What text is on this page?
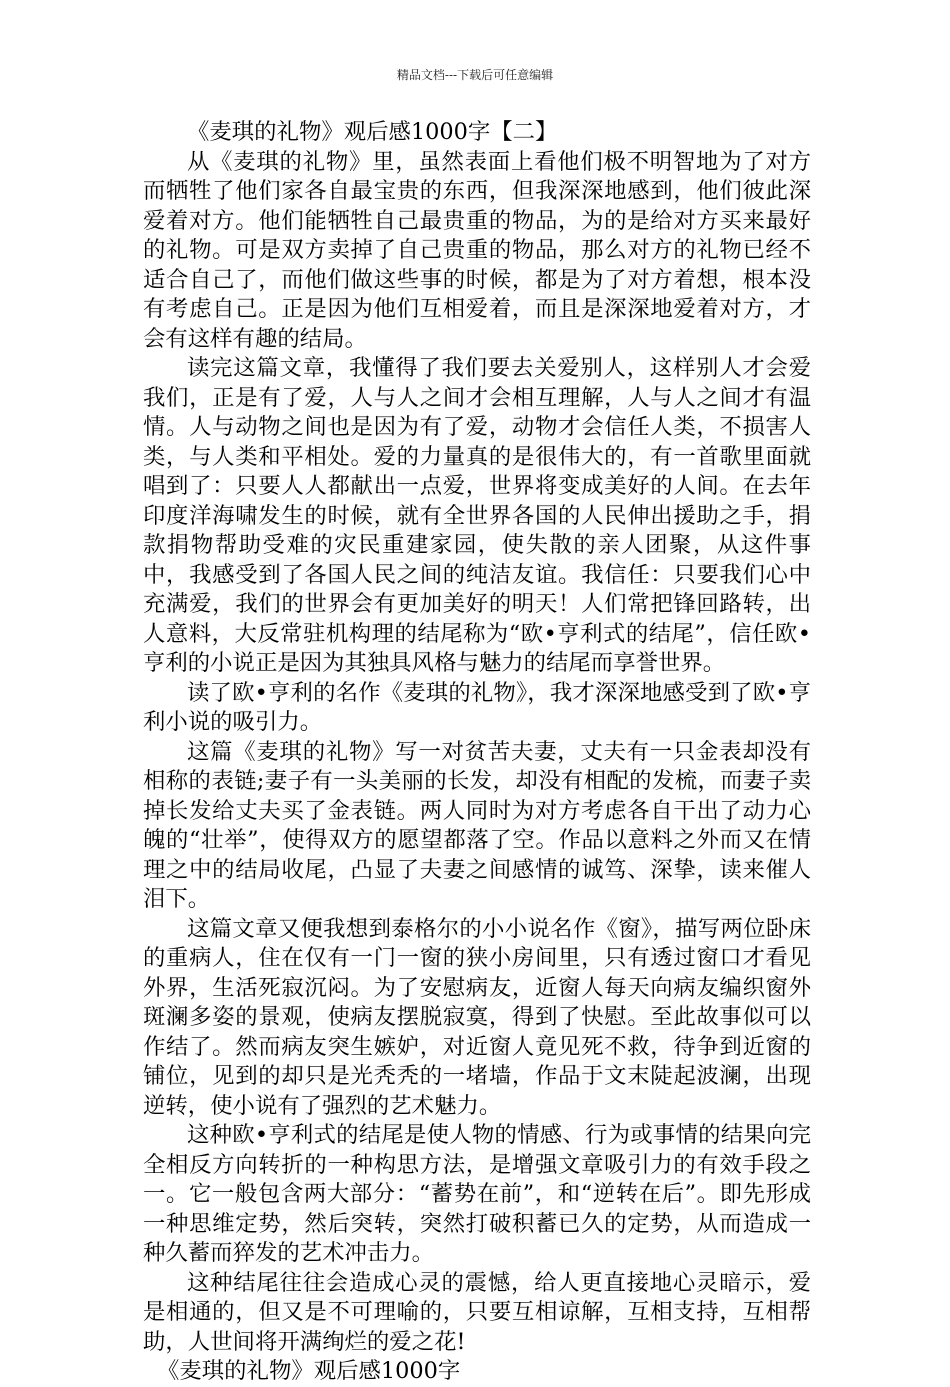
精品文档---下载后可任意编辑
《麦琪的礼物》观后感1000字【二】

从《麦琪的礼物》里，虽然表面上看他们极不明智地为了对方而牺牲了他们家各自最宝贵的东西，但我深深地感到，他们彼此深爱着对方。他们能牺牲自己最贵重的物品，为的是给对方买来最好的礼物。可是双方卖掉了自己贵重的物品，那么对方的礼物已经不适合自己了，而他们做这些事的时候，都是为了对方着想，根本没有考虑自己。正是因为他们互相爱着，而且是深深地爱着对方，才会有这样有趣的结局。

读完这篇文章，我懂得了我们要去关爱别人，这样别人才会爱我们，正是有了爱，人与人之间才会相互理解，人与人之间才有温情。人与动物之间也是因为有了爱，动物才会信任人类，不损害人类，与人类和平相处。爱的力量真的是很伟大的，有一首歌里面就唱到了：只要人人都献出一点爱，世界将变成美好的人间。在去年印度洋海啸发生的时候，就有全世界各国的人民伸出援助之手，捐款捐物帮助受难的灾民重建家园，使失散的亲人团聚，从这件事中，我感受到了各国人民之间的纯洁友谊。我信任：只要我们心中充满爱，我们的世界会有更加美好的明天！人们常把锋回路转，出人意料，大反常驻机构理的结尾称为“欧•亨利式的结尾”，信任欧•亨利的小说正是因为其独具风格与魅力的结尾而享誉世界。

读了欧•亨利的名作《麦琪的礼物》，我才深深地感受到了欧•亨利小说的吸引力。

这篇《麦琪的礼物》写一对贫苦夫妻，丈夫有一只金表却没有相称的表链;妻子有一头美丽的长发，却没有相配的发梳，而妻子卖掉长发给丈夫买了金表链。两人同时为对方考虑各自干出了动力心魄的“壮举”，使得双方的愿望都落了空。作品以意料之外而又在情理之中的结局收尾，凸显了夫妻之间感情的诚笃、深挚，读来催人泪下。

这篇文章又便我想到泰格尔的小小说名作《窗》，描写两位卧床的重病人，住在仅有一门一窗的狭小房间里，只有透过窗口才看见外界，生活死寂沉闷。为了安慰病友，近窗人每天向病友编织窗外斑澜多姿的景观，使病友摆脱寂寞，得到了快慰。至此故事似可以作结了。然而病友突生嫉妒，对近窗人竟见死不救，待争到近窗的铺位，见到的却只是光秃秃的一堵墙，作品于文末陡起波澜，出现逆转，使小说有了强烈的艺术魅力。

这种欧•亨利式的结尾是使人物的情感、行为或事情的结果向完全相反方向转折的一种构思方法，是增强文章吸引力的有效手段之一。它一般包含两大部分：“蓄势在前”，和“逆转在后”。即先形成一种思维定势，然后突转，突然打破积蓄已久的定势，从而造成一种久蓄而猝发的艺术冲击力。

这种结尾往往会造成心灵的震憾，给人更直接地心灵暗示，爱是相通的，但又是不可理喻的，只要互相谅解，互相支持，互相帮助，人世间将开满绚烂的爱之花!

《麦琪的礼物》观后感1000字
